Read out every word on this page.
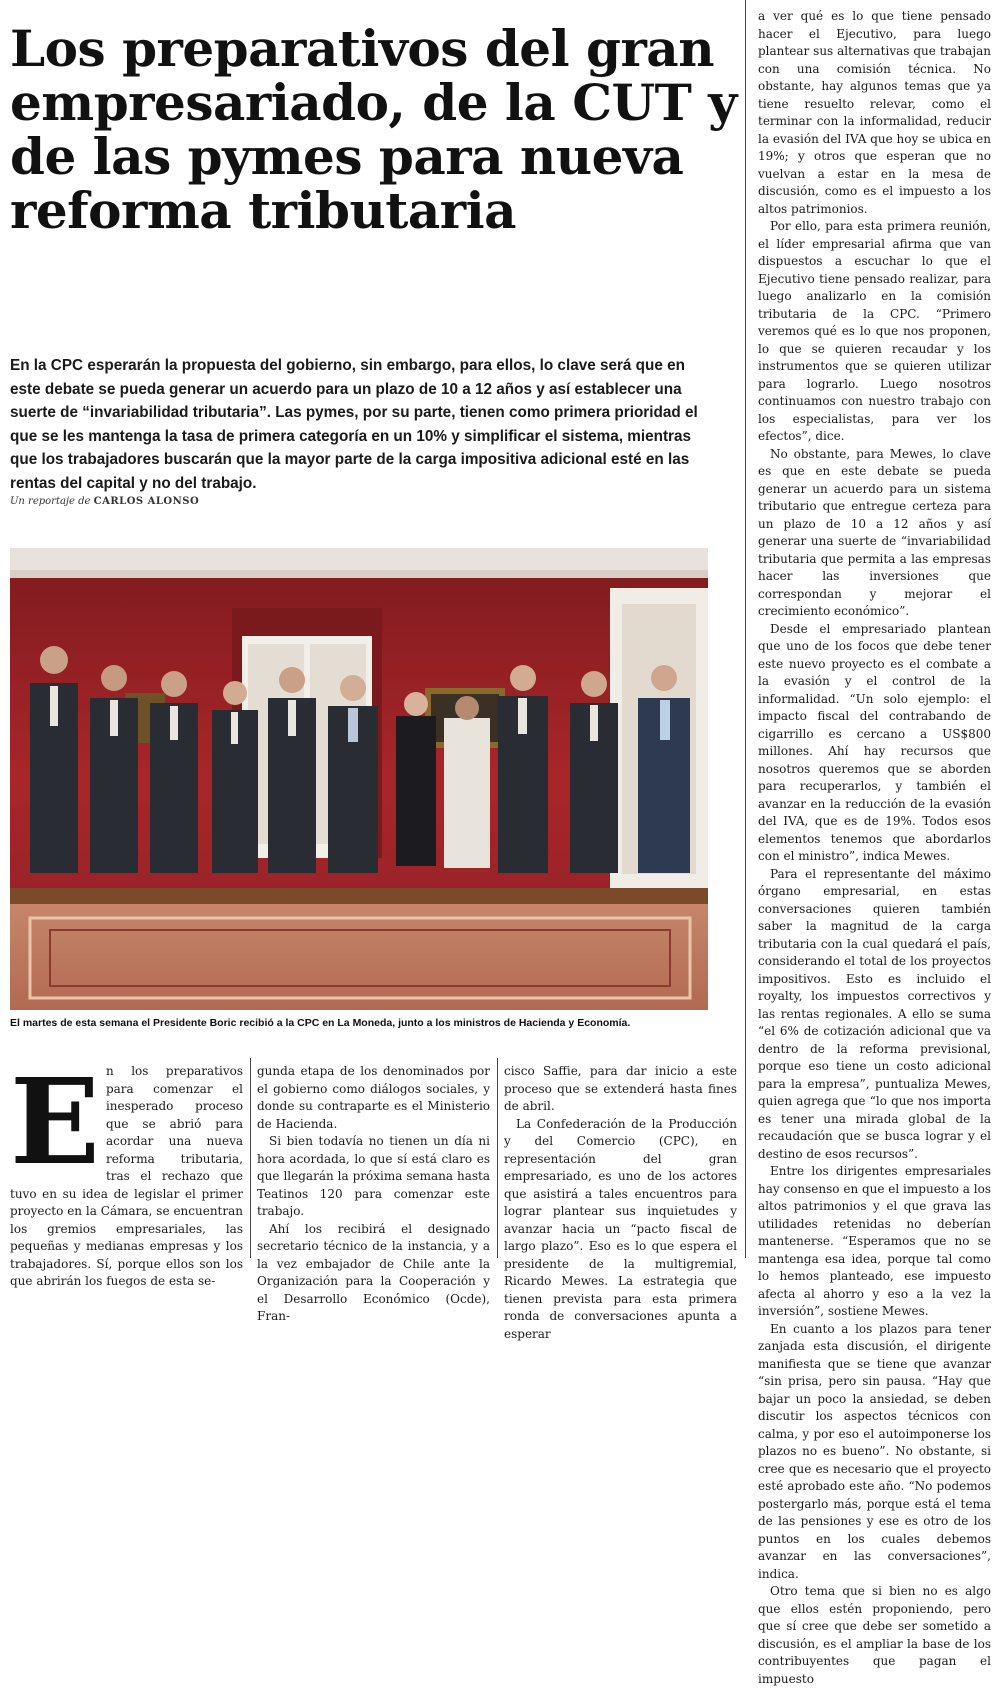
Los preparativos del gran empresariado, de la CUT y de las pymes para nueva reforma tributaria

En la CPC esperarán la propuesta del gobierno, sin embargo, para ellos, lo clave será que en este debate se pueda generar un acuerdo para un plazo de 10 a 12 años y así establecer una suerte de “invariabilidad tributaria”. Las pymes, por su parte, tienen como primera prioridad el que se les mantenga la tasa de primera categoría en un 10% y simplificar el sistema, mientras que los trabajadores buscarán que la mayor parte de la carga impositiva adicional esté en las rentas del capital y no del trabajo.

Un reportaje de CARLOS ALONSO

El martes de esta semana el Presidente Boric recibió a la CPC en La Moneda, junto a los ministros de Hacienda y Economía.

E n los preparativos para comenzar el inesperado proceso que se abrió para acordar una nueva reforma tributaria, tras el rechazo que tuvo en su idea de legislar el primer proyecto en la Cámara, se encuentran los gremios empresariales, las pequeñas y medianas empresas y los trabajadores. Sí, porque ellos son los que abrirán los fuegos de esta se-

gunda etapa de los denominados por el gobierno como diálogos sociales, y donde su contraparte es el Ministerio de Hacienda.

Si bien todavía no tienen un día ni hora acordada, lo que sí está claro es que llegarán la próxima semana hasta Teatinos 120 para comenzar este trabajo.

Ahí los recibirá el designado secretario técnico de la instancia, y a la vez embajador de Chile ante la Organización para la Cooperación y el Desarrollo Económico (Ocde), Fran-

cisco Saffie, para dar inicio a este proceso que se extenderá hasta fines de abril.

La Confederación de la Producción y del Comercio (CPC), en representación del gran empresariado, es uno de los actores que asistirá a tales encuentros para lograr plantear sus inquietudes y avanzar hacia un “pacto fiscal de largo plazo”. Eso es lo que espera el presidente de la multigremial, Ricardo Mewes. La estrategia que tienen prevista para esta primera ronda de conversaciones apunta a esperar

a ver qué es lo que tiene pensado hacer el Ejecutivo, para luego plantear sus alternativas que trabajan con una comisión técnica. No obstante, hay algunos temas que ya tiene resuelto relevar, como el terminar con la informalidad, reducir la evasión del IVA que hoy se ubica en 19%; y otros que esperan que no vuelvan a estar en la mesa de discusión, como es el impuesto a los altos patrimonios.

Por ello, para esta primera reunión, el líder empresarial afirma que van dispuestos a escuchar lo que el Ejecutivo tiene pensado realizar, para luego analizarlo en la comisión tributaria de la CPC. “Primero veremos qué es lo que nos proponen, lo que se quieren recaudar y los instrumentos que se quieren utilizar para lograrlo. Luego nosotros continuamos con nuestro trabajo con los especialistas, para ver los efectos”, dice.

No obstante, para Mewes, lo clave es que en este debate se pueda generar un acuerdo para un sistema tributario que entregue certeza para un plazo de 10 a 12 años y así generar una suerte de “invariabilidad tributaria que permita a las empresas hacer las inversiones que correspondan y mejorar el crecimiento económico”.

Desde el empresariado plantean que uno de los focos que debe tener este nuevo proyecto es el combate a la evasión y el control de la informalidad. “Un solo ejemplo: el impacto fiscal del contrabando de cigarrillo es cercano a US$800 millones. Ahí hay recursos que nosotros queremos que se aborden para recuperarlos, y también el avanzar en la reducción de la evasión del IVA, que es de 19%. Todos esos elementos tenemos que abordarlos con el ministro”, indica Mewes.

Para el representante del máximo órgano empresarial, en estas conversaciones quieren también saber la magnitud de la carga tributaria con la cual quedará el país, considerando el total de los proyectos impositivos. Esto es incluido el royalty, los impuestos correctivos y las rentas regionales. A ello se suma “el 6% de cotización adicional que va dentro de la reforma previsional, porque eso tiene un costo adicional para la empresa”, puntualiza Mewes, quien agrega que “lo que nos importa es tener una mirada global de la recaudación que se busca lograr y el destino de esos recursos”.

Entre los dirigentes empresariales hay consenso en que el impuesto a los altos patrimonios y el que grava las utilidades retenidas no deberían mantenerse. “Esperamos que no se mantenga esa idea, porque tal como lo hemos planteado, ese impuesto afecta al ahorro y eso a la vez la inversión”, sostiene Mewes.

En cuanto a los plazos para tener zanjada esta discusión, el dirigente manifiesta que se tiene que avanzar “sin prisa, pero sin pausa. “Hay que bajar un poco la ansiedad, se deben discutir los aspectos técnicos con calma, y por eso el autoimponerse los plazos no es bueno”. No obstante, si cree que es necesario que el proyecto esté aprobado este año. “No podemos postergarlo más, porque está el tema de las pensiones y ese es otro de los puntos en los cuales debemos avanzar en las conversaciones”, indica.

Otro tema que si bien no es algo que ellos estén proponiendo, pero que sí cree que debe ser sometido a discusión, es el ampliar la base de los contribuyentes que pagan el impuesto
